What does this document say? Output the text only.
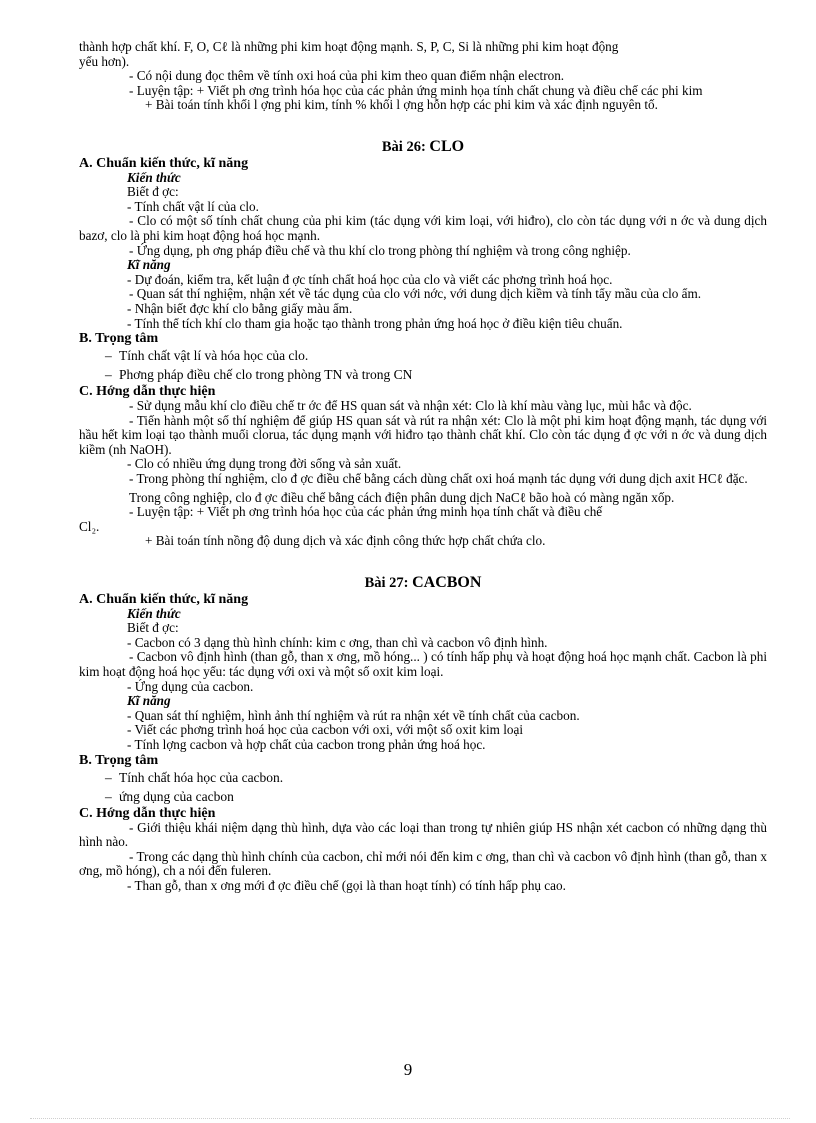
thành hợp chất khí. F, O, Cℓ là những phi kim hoạt động mạnh. S, P, C, Si là những phi kim hoạt động

yếu hơn).

- Có nội dung đọc thêm về tính oxi hoá của phi kim theo quan điểm nhận electron.

- Luyện tập: + Viết ph ơng trình hóa học của các phản ứng minh họa tính chất chung và điều chế các phi kim

+ Bài toán tính khối l ợng phi kim, tính % khối l ợng hỗn hợp các phi kim và xác định nguyên tố.

Bài 26: CLO

A. Chuẩn kiến thức, kĩ năng

Kiến thức

Biết đ ợc:

- Tính chất vật lí của clo.

- Clo có một số tính chất chung của phi kim (tác dụng với kim loại, với hiđro), clo còn tác dụng với n ớc và dung dịch bazơ, clo là phi kim hoạt động hoá học mạnh.

- Ứng dụng, ph ơng pháp điều chế và thu khí clo trong phòng thí nghiệm và trong công nghiệp.

Kĩ năng

- Dự đoán, kiểm tra, kết luận đ ợc tính chất hoá học của clo và viết các phơng trình hoá học.

- Quan sát thí nghiệm, nhận xét về tác dụng của clo với nớc, với dung dịch kiềm và tính tẩy mầu của clo ẩm.

- Nhận biết đợc khí clo bằng giấy màu ẩm.

- Tính thể tích khí clo tham gia hoặc tạo thành trong phản ứng hoá học ở điều kiện tiêu chuẩn.

B. Trọng tâm

– Tính chất vật lí và hóa học của clo.

– Phơng pháp điều chế clo trong phòng TN và trong CN

C. Hớng dẫn thực hiện

- Sử dụng mẫu khí clo điều chế tr ớc để HS quan sát và nhận xét: Clo là khí màu vàng lục, mùi hắc và độc.

- Tiến hành một số thí nghiệm để giúp HS quan sát và rút ra nhận xét: Clo là một phi kim hoạt động mạnh, tác dụng với hầu hết kim loại tạo thành muối clorua, tác dụng mạnh với hiđro tạo thành chất khí. Clo còn tác dụng đ ợc với n ớc và dung dịch kiềm (nh NaOH).

- Clo có nhiều ứng dụng trong đời sống và sản xuất.

- Trong phòng thí nghiệm, clo đ ợc điều chế bằng cách dùng chất oxi hoá mạnh tác dụng với dung dịch axit HCℓ đặc.

Trong công nghiệp, clo đ ợc điều chế bằng cách điện phân dung dịch NaCℓ bão hoà có màng ngăn xốp.

- Luyện tập: + Viết ph ơng trình hóa học của các phản ứng minh họa tính chất và điều chế

Cl₂.

+ Bài toán tính nồng độ dung dịch và xác định công thức hợp chất chứa clo.

Bài 27: CACBON

A. Chuẩn kiến thức, kĩ năng

Kiến thức

Biết đ ợc:

- Cacbon có 3 dạng thù hình chính: kim c ơng, than chì và cacbon vô định hình.

- Cacbon vô định hình (than gỗ, than x ơng, mồ hóng... ) có tính hấp phụ và hoạt động hoá học mạnh chất. Cacbon là phi kim hoạt động hoá học yếu: tác dụng với oxi và một số oxit kim loại.

- Ứng dụng của cacbon.

Kĩ năng

- Quan sát thí nghiệm, hình ảnh thí nghiệm và rút ra nhận xét về tính chất của cacbon.

- Viết các phơng trình hoá học của cacbon với oxi, với một số oxit kim loại

- Tính lợng cacbon và hợp chất của cacbon trong phản ứng hoá học.

B. Trọng tâm

– Tính chất hóa học của cacbon.

– ứng dụng của cacbon

C. Hớng dẫn thực hiện

- Giới thiệu khái niệm dạng thù hình, dựa vào các loại than trong tự nhiên giúp HS nhận xét cacbon có những dạng thù hình nào.

- Trong các dạng thù hình chính của cacbon, chỉ mới nói đến kim c ơng, than chì và cacbon vô định hình (than gỗ, than x ơng, mồ hóng), ch a nói đến fuleren.

- Than gỗ, than x ơng mới đ ợc điều chế (gọi là than hoạt tính) có tính hấp phụ cao.

9
